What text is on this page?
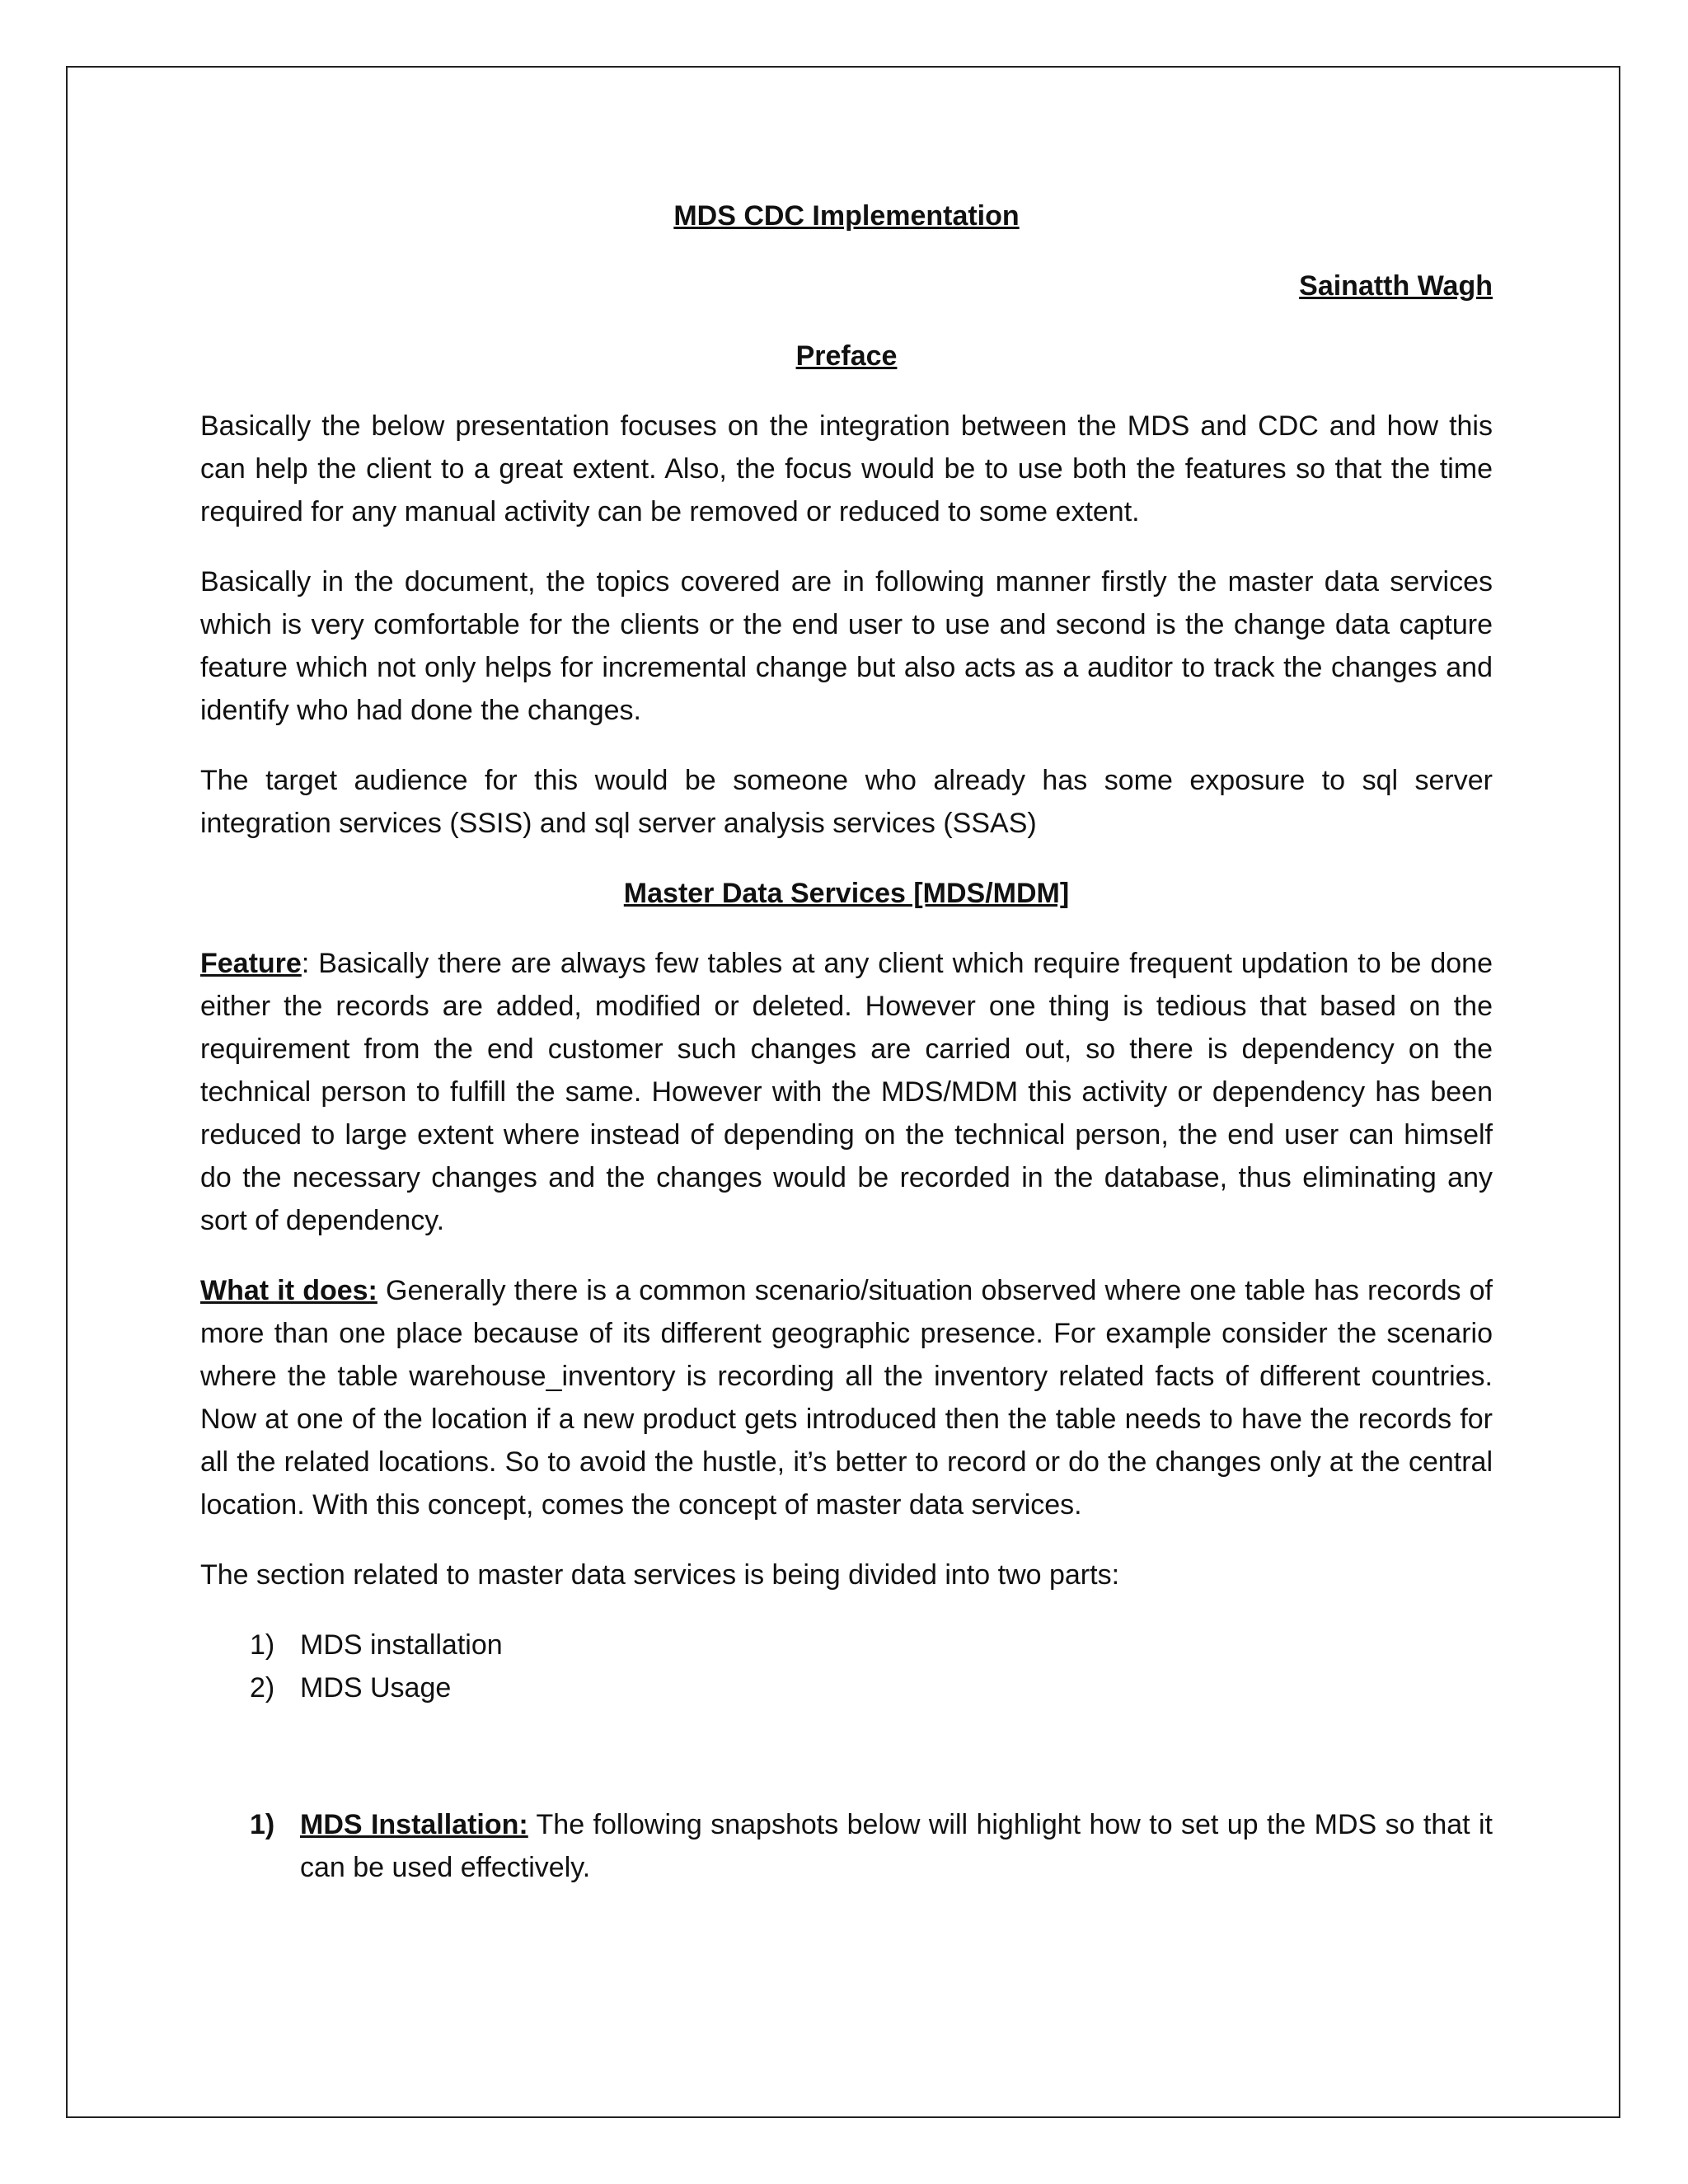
MDS CDC Implementation
Sainatth Wagh
Preface

Basically the below presentation focuses on the integration between the MDS and CDC and how this can help the client to a great extent. Also, the focus would be to use both the features so that the time required for any manual activity can be removed or reduced to some extent.

Basically in the document, the topics covered are in following manner firstly the master data services which is very comfortable for the clients or the end user to use and second is the change data capture feature which not only helps for incremental change but also acts as a auditor to track the changes and identify who had done the changes.

The target audience for this would be someone who already has some exposure to sql server integration services (SSIS) and sql server analysis services (SSAS)

Master Data Services [MDS/MDM]

Feature: Basically there are always few tables at any client which require frequent updation to be done either the records are added, modified or deleted. However one thing is tedious that based on the requirement from the end customer such changes are carried out, so there is dependency on the technical person to fulfill the same. However with the MDS/MDM this activity or dependency has been reduced to large extent where instead of depending on the technical person, the end user can himself do the necessary changes and the changes would be recorded in the database, thus eliminating any sort of dependency.

What it does: Generally there is a common scenario/situation observed where one table has records of more than one place because of its different geographic presence. For example consider the scenario where the table warehouse_inventory is recording all the inventory related facts of different countries. Now at one of the location if a new product gets introduced then the table needs to have the records for all the related locations. So to avoid the hustle, it’s better to record or do the changes only at the central location. With this concept, comes the concept of master data services.

The section related to master data services is being divided into two parts:

1) MDS installation
2) MDS Usage
1) MDS Installation: The following snapshots below will highlight how to set up the MDS so that it can be used effectively.
